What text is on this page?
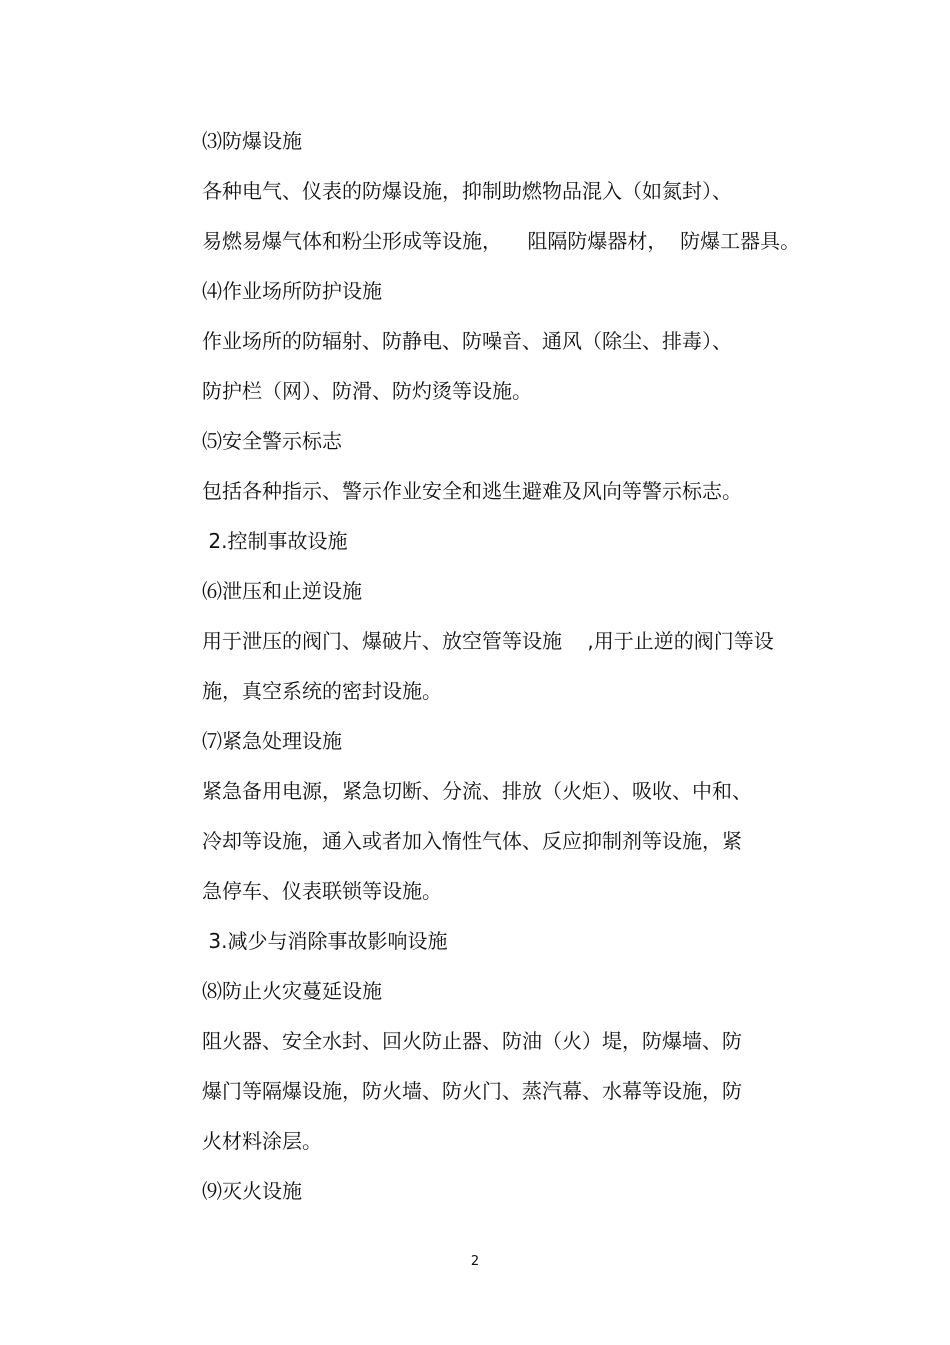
⑶防爆设施
各种电气、仪表的防爆设施，抑制助燃物品混入（如氮封）、
易燃易爆气体和粉尘形成等设施，    阻隔防爆器材，  防爆工器具。
⑷作业场所防护设施
作业场所的防辐射、防静电、防噪音、通风（除尘、排毒）、
防护栏（网）、防滑、防灼烫等设施。
⑸安全警示标志
包括各种指示、警示作业安全和逃生避难及风向等警示标志。
2.控制事故设施
⑹泄压和止逆设施
用于泄压的阀门、爆破片、放空管等设施    ,用于止逆的阀门等设
施，真空系统的密封设施。
⑺紧急处理设施
紧急备用电源，紧急切断、分流、排放（火炬）、吸收、中和、
冷却等设施，通入或者加入惰性气体、反应抑制剂等设施，紧
急停车、仪表联锁等设施。
3.减少与消除事故影响设施
⑻防止火灾蔓延设施
阻火器、安全水封、回火防止器、防油（火）堤，防爆墙、防
爆门等隔爆设施，防火墙、防火门、蒸汽幕、水幕等设施，防
火材料涂层。
⑼灭火设施
2
